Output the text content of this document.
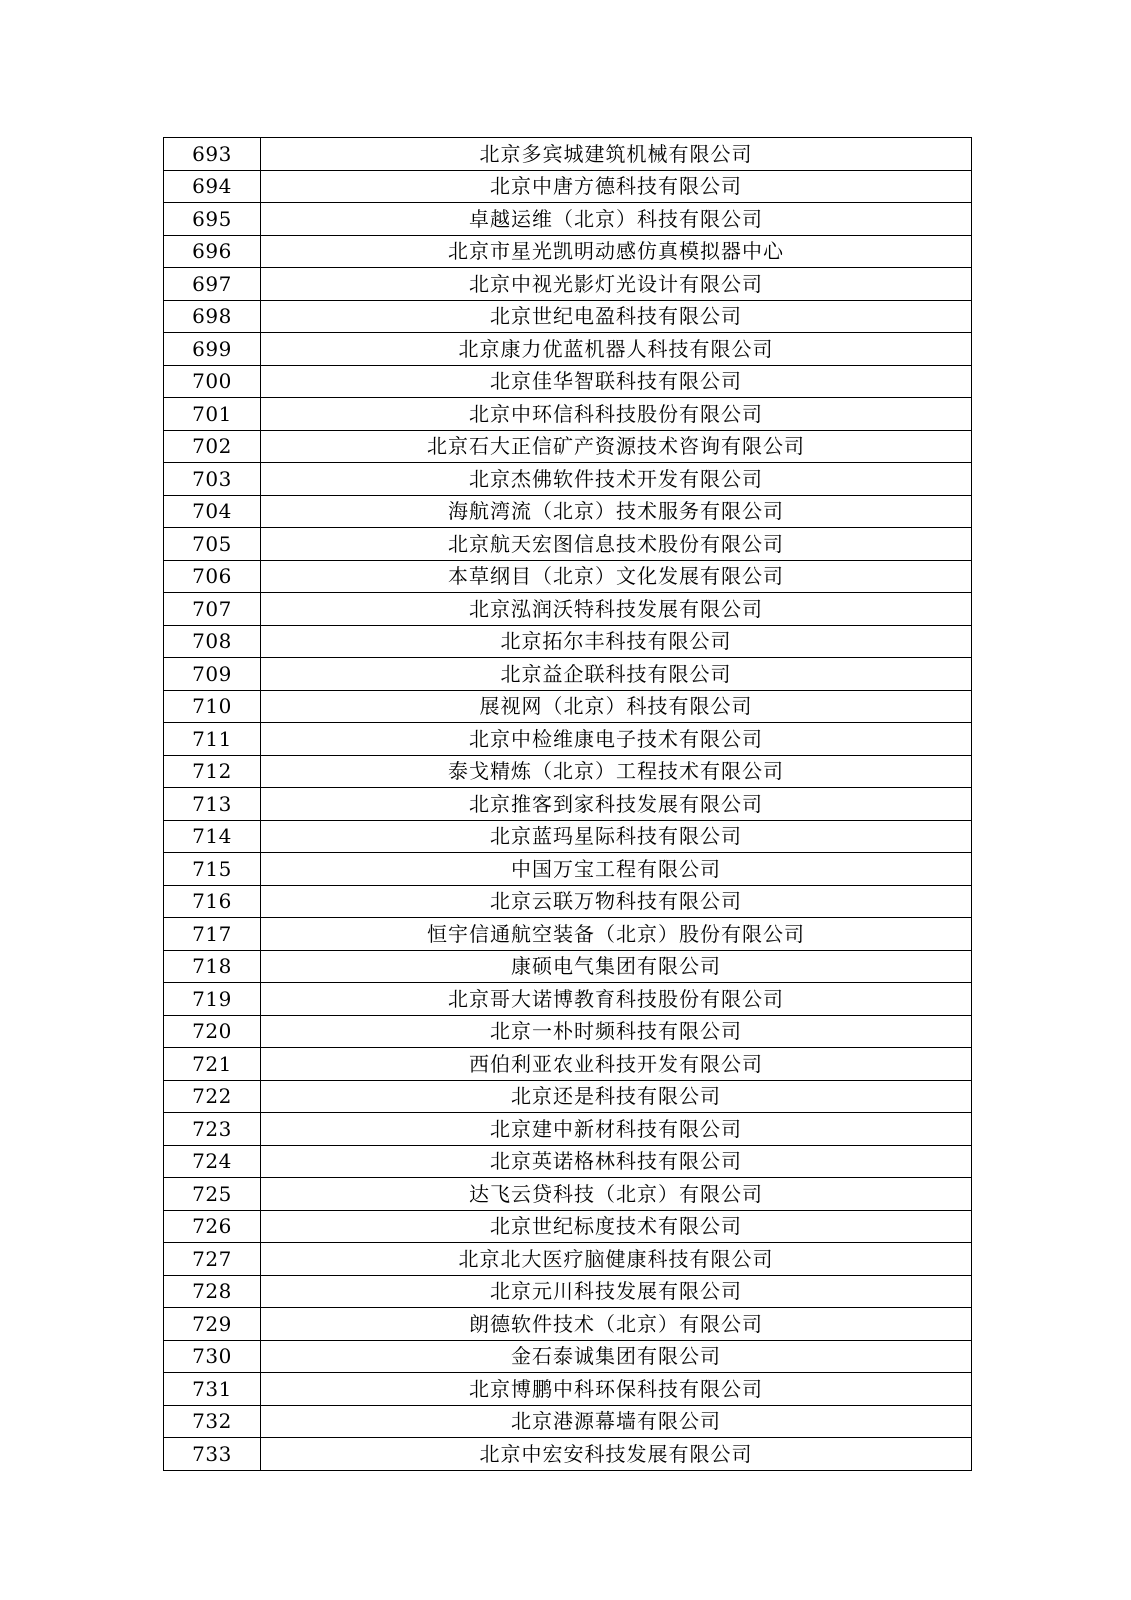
693	北京多宾城建筑机械有限公司
694	北京中唐方德科技有限公司
695	卓越运维（北京）科技有限公司
696	北京市星光凯明动感仿真模拟器中心
697	北京中视光影灯光设计有限公司
698	北京世纪电盈科技有限公司
699	北京康力优蓝机器人科技有限公司
700	北京佳华智联科技有限公司
701	北京中环信科科技股份有限公司
702	北京石大正信矿产资源技术咨询有限公司
703	北京杰佛软件技术开发有限公司
704	海航湾流（北京）技术服务有限公司
705	北京航天宏图信息技术股份有限公司
706	本草纲目（北京）文化发展有限公司
707	北京泓润沃特科技发展有限公司
708	北京拓尔丰科技有限公司
709	北京益企联科技有限公司
710	展视网（北京）科技有限公司
711	北京中检维康电子技术有限公司
712	泰戈精炼（北京）工程技术有限公司
713	北京推客到家科技发展有限公司
714	北京蓝玛星际科技有限公司
715	中国万宝工程有限公司
716	北京云联万物科技有限公司
717	恒宇信通航空装备（北京）股份有限公司
718	康硕电气集团有限公司
719	北京哥大诺博教育科技股份有限公司
720	北京一朴时频科技有限公司
721	西伯利亚农业科技开发有限公司
722	北京还是科技有限公司
723	北京建中新材科技有限公司
724	北京英诺格林科技有限公司
725	达飞云贷科技（北京）有限公司
726	北京世纪标度技术有限公司
727	北京北大医疗脑健康科技有限公司
728	北京元川科技发展有限公司
729	朗德软件技术（北京）有限公司
730	金石泰诚集团有限公司
731	北京博鹏中科环保科技有限公司
732	北京港源幕墙有限公司
733	北京中宏安科技发展有限公司
